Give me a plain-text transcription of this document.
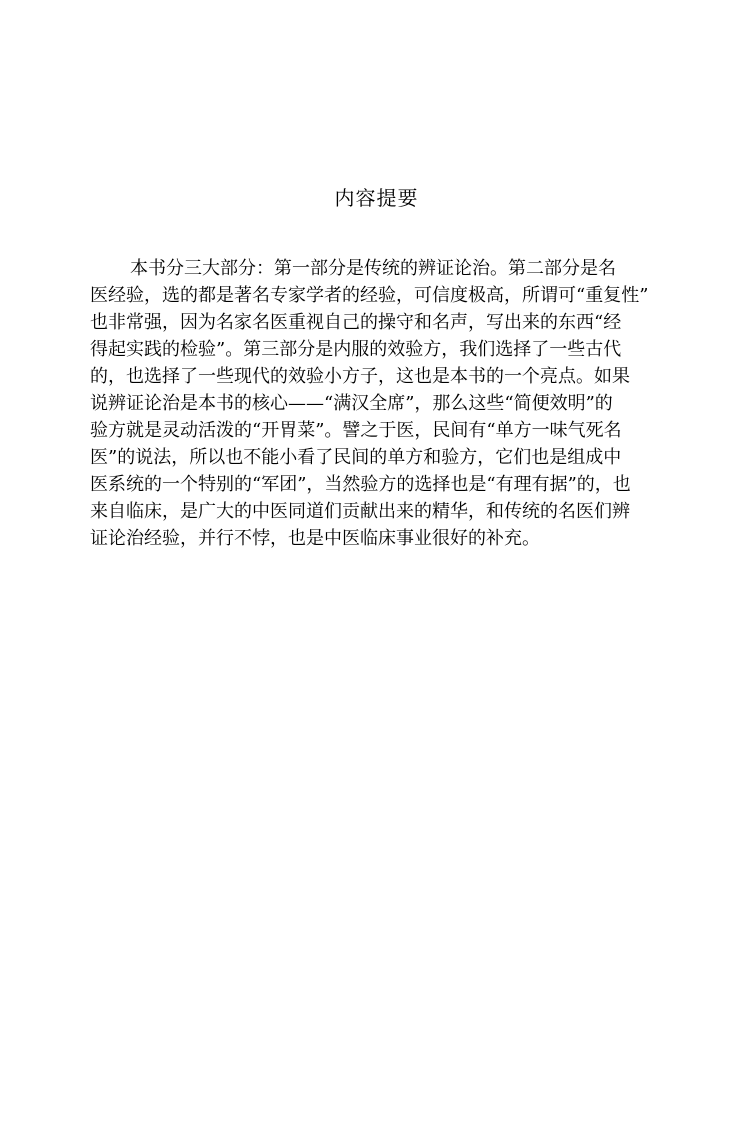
内容提要

本书分三大部分：第一部分是传统的辨证论治。第二部分是名
医经验，选的都是著名专家学者的经验，可信度极高，所谓可“重复性”
也非常强，因为名家名医重视自己的操守和名声，写出来的东西“经
得起实践的检验”。第三部分是内服的效验方，我们选择了一些古代
的，也选择了一些现代的效验小方子，这也是本书的一个亮点。如果
说辨证论治是本书的核心——“满汉全席”，那么这些“简便效明”的
验方就是灵动活泼的“开胃菜”。譬之于医，民间有“单方一味气死名
医”的说法，所以也不能小看了民间的单方和验方，它们也是组成中
医系统的一个特别的“军团”，当然验方的选择也是“有理有据”的，也
来自临床，是广大的中医同道们贡献出来的精华，和传统的名医们辨
证论治经验，并行不悖，也是中医临床事业很好的补充。
